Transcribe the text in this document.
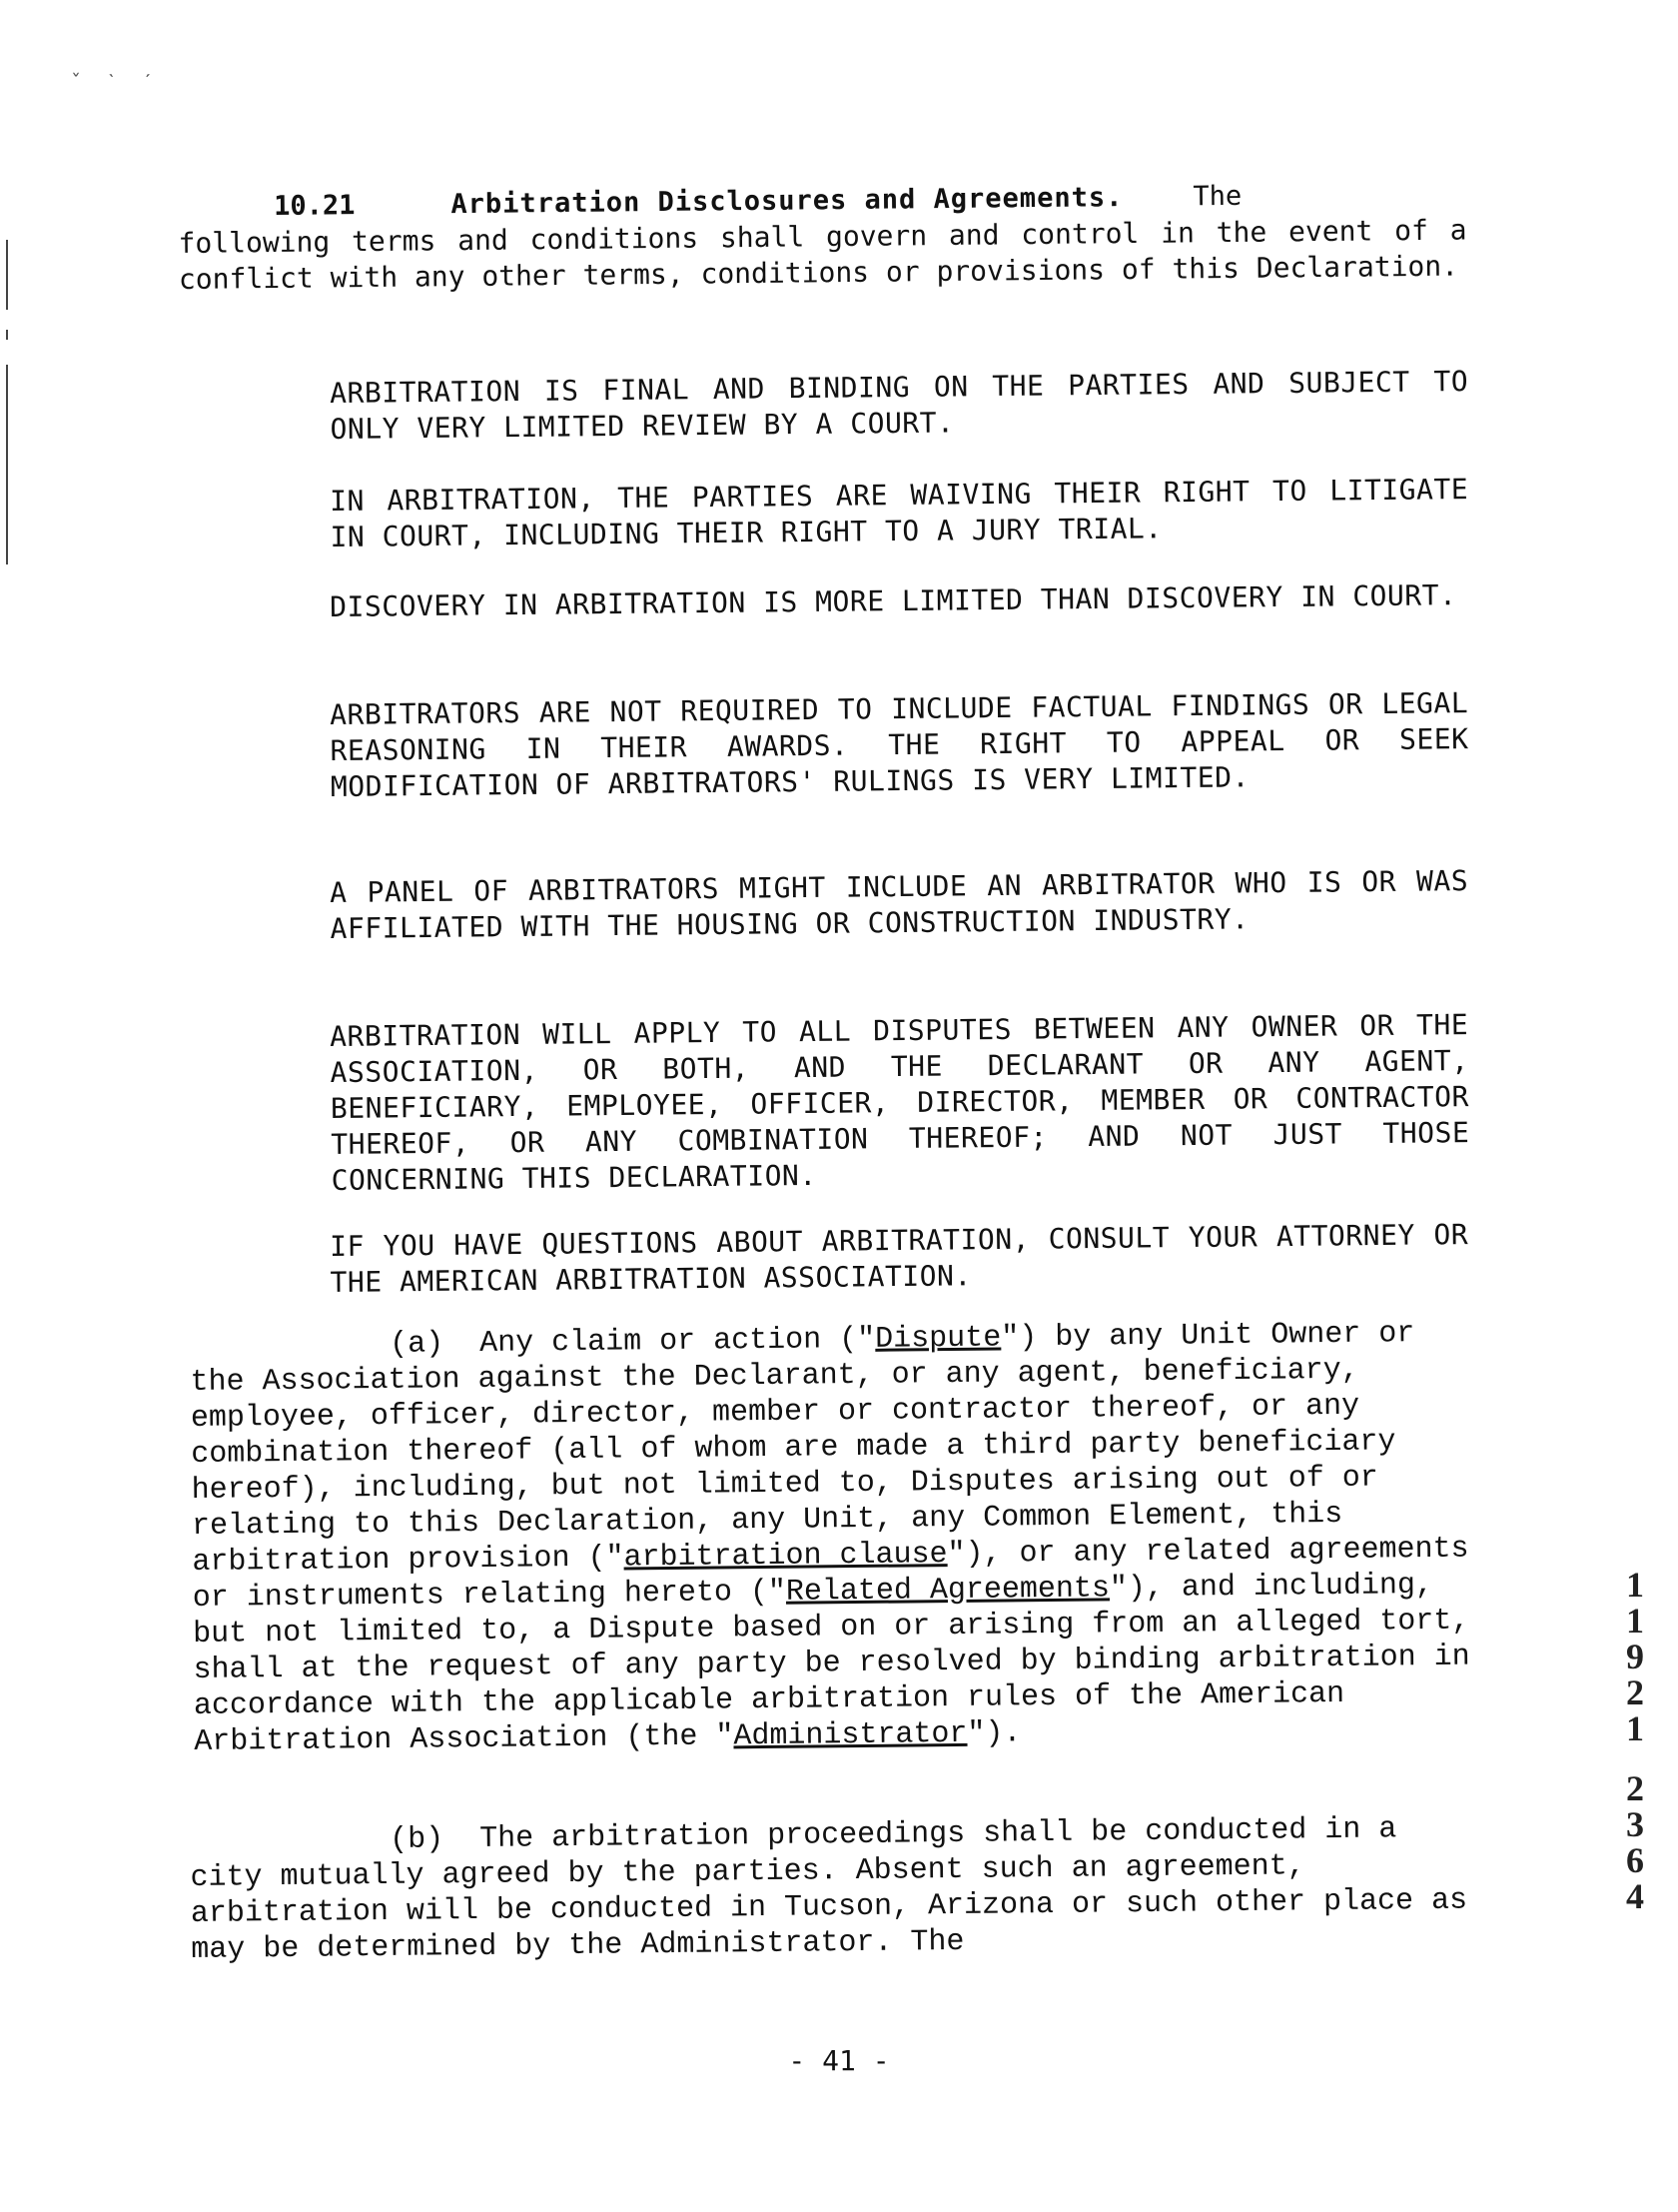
ˇ ˋ ˊ
10.21	Arbitration Disclosures and Agreements.	The

following terms and conditions shall govern and control in the event of a conflict with any other terms, conditions or provisions of this Declaration.

ARBITRATION IS FINAL AND BINDING ON THE PARTIES AND SUBJECT TO ONLY VERY LIMITED REVIEW BY A COURT.

IN ARBITRATION, THE PARTIES ARE WAIVING THEIR RIGHT TO LITIGATE IN COURT, INCLUDING THEIR RIGHT TO A JURY TRIAL.

DISCOVERY IN ARBITRATION IS MORE LIMITED THAN DISCOVERY IN COURT.

ARBITRATORS ARE NOT REQUIRED TO INCLUDE FACTUAL FINDINGS OR LEGAL REASONING IN THEIR AWARDS. THE RIGHT TO APPEAL OR SEEK MODIFICATION OF ARBITRATORS' RULINGS IS VERY LIMITED.

A PANEL OF ARBITRATORS MIGHT INCLUDE AN ARBITRATOR WHO IS OR WAS AFFILIATED WITH THE HOUSING OR CONSTRUCTION INDUSTRY.

ARBITRATION WILL APPLY TO ALL DISPUTES BETWEEN ANY OWNER OR THE ASSOCIATION, OR BOTH, AND THE DECLARANT OR ANY AGENT, BENEFICIARY, EMPLOYEE, OFFICER, DIRECTOR, MEMBER OR CONTRACTOR THEREOF, OR ANY COMBINATION THEREOF; AND NOT JUST THOSE CONCERNING THIS DECLARATION.

IF YOU HAVE QUESTIONS ABOUT ARBITRATION, CONSULT YOUR ATTORNEY OR THE AMERICAN ARBITRATION ASSOCIATION.

(a) Any claim or action ("Dispute") by any Unit Owner or the Association against the Declarant, or any agent, beneficiary, employee, officer, director, member or contractor thereof, or any combination thereof (all of whom are made a third party beneficiary hereof), including, but not limited to, Disputes arising out of or relating to this Declaration, any Unit, any Common Element, this arbitration provision ("arbitration clause"), or any related agreements or instruments relating hereto ("Related Agreements"), and including, but not limited to, a Dispute based on or arising from an alleged tort, shall at the request of any party be resolved by binding arbitration in accordance with the applicable arbitration rules of the American Arbitration Association (the "Administrator").

(b) The arbitration proceedings shall be conducted in a city mutually agreed by the parties. Absent such an agreement, arbitration will be conducted in Tucson, Arizona or such other place as may be determined by the Administrator. The

1
1
9
2
1
2
3
6
4
- 41 -
